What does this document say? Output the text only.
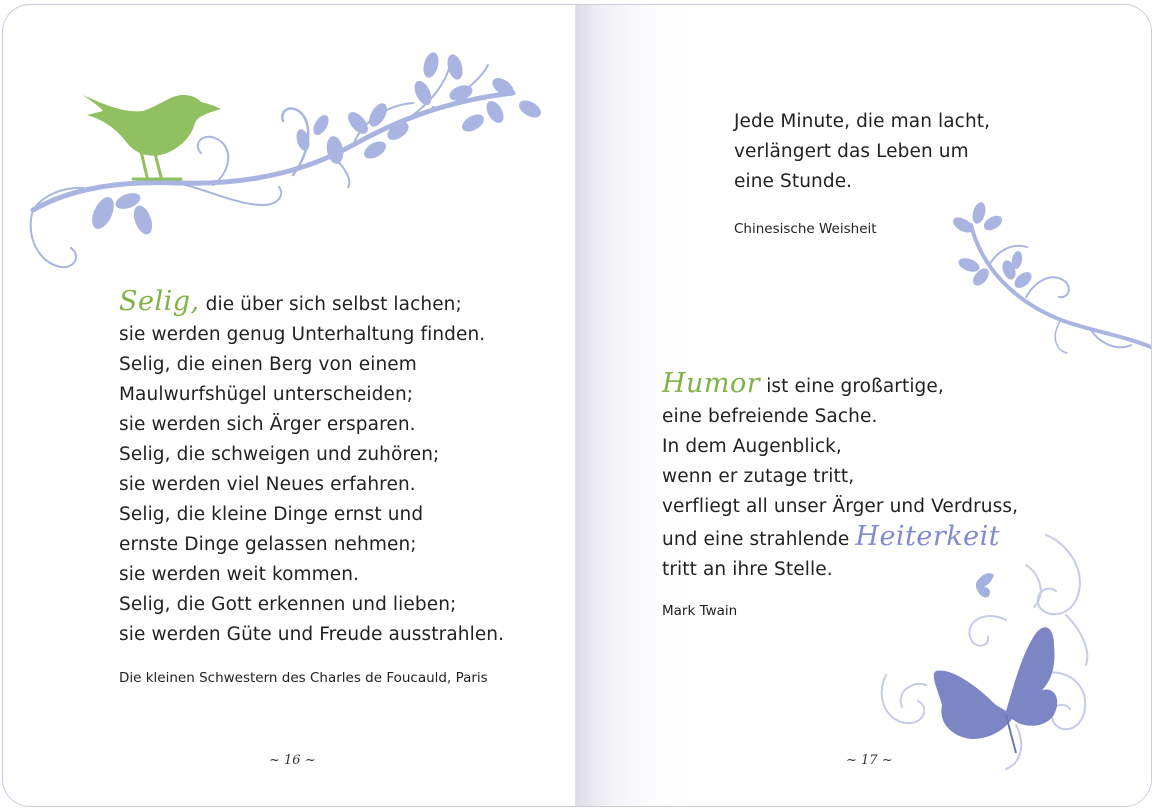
Selig, die über sich selbst lachen;
sie werden genug Unterhaltung finden.
Selig, die einen Berg von einem
Maulwurfshügel unterscheiden;
sie werden sich Ärger ersparen.
Selig, die schweigen und zuhören;
sie werden viel Neues erfahren.
Selig, die kleine Dinge ernst und
ernste Dinge gelassen nehmen;
sie werden weit kommen.
Selig, die Gott erkennen und lieben;
sie werden Güte und Freude ausstrahlen.
Die kleinen Schwestern des Charles de Foucauld, Paris
~ 16 ~
Jede Minute, die man lacht,
verlängert das Leben um
eine Stunde.
Chinesische Weisheit
Humor ist eine großartige,
eine befreiende Sache.
In dem Augenblick,
wenn er zutage tritt,
verfliegt all unser Ärger und Verdruss,
und eine strahlende Heiterkeit
tritt an ihre Stelle.
Mark Twain
~ 17 ~
